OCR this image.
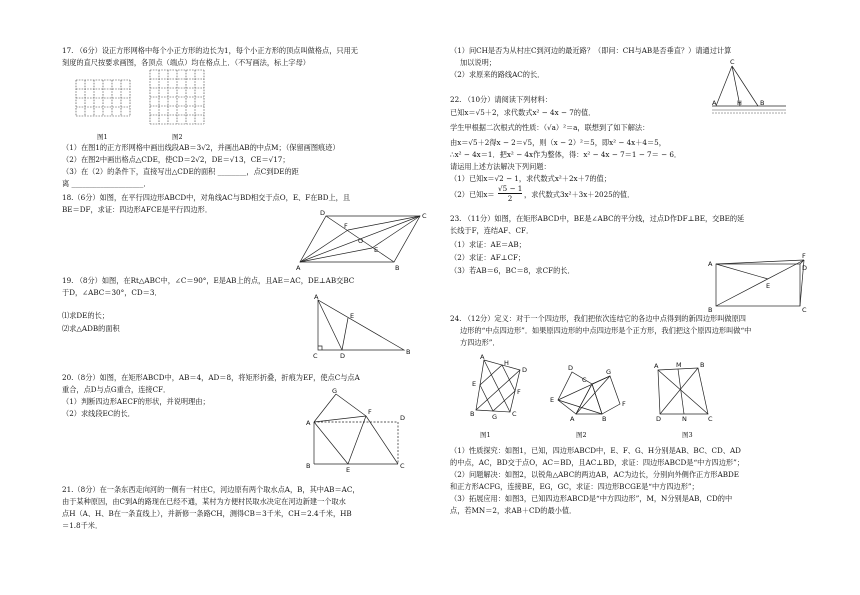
17. （6分）设正方形网格中每个小正方形的边长为1，每个小正方形的顶点叫做格点，只用无
刻度的直尺按要求画图，各顶点（端点）均在格点上．（不写画法，标上字母）
图1	图2
（1）在图1的正方形网格中画出线段AB＝3√2，并画出AB的中点M；（保留画图痕迹）
（2）在图2中画出格点△CDE，使CD＝2√2，DE＝√13，CE＝√17；
（3）在（2）的条件下，直接写出△CDE的面积 ________，点C到DE的距
离 ____________________．
18.（6分）如图，在平行四边形ABCD中，对角线AC与BD相交于点O，E、F在BD上，且
BE＝DF，求证：四边形AFCE是平行四边形．	D
F
O
C
E
A	B
19. （8分）如图，在Rt△ABC中，∠C＝90°，E是AB上的点，且AE＝AC，DE⊥AB交BC
于D，∠ABC＝30°，CD＝3．
⑴求DE的长；
⑵求△ADB的面积
A
E
C	D	B
20.（8分）如图，在矩形ABCD中，AB＝4，AD＝8，将矩形折叠，折痕为EF，使点C与点A
重合，点D与点G重合，连接CF．
（1）判断四边形AECF的形状，并说明理由；
（2）求线段EC的长．
G
F
D
A
B	E	C
21.（8分）在一条东西走向河的一侧有一村庄C，河边原有两个取水点A，B，其中AB＝AC，
由于某种原因，由C到A的路现在已经不通，某村为方便村民取水决定在河边新建一个取水
点H（A、H、B在一条直线上），并新修一条路CH，测得CB＝3千米，CH＝2.4千米，HB
＝1.8千米．
（1）问CH是否为从村庄C到河边的最近路？（即问：CH与AB是否垂直？）请通过计算
加以说明；
（2）求原来的路线AC的长．
C
A	H	B
22. （10分）请阅读下列材料：
已知x＝√5＋2，求代数式x² − 4x − 7的值．
学生甲根据二次根式的性质：（√a）²＝a，联想到了如下解法：
由x＝√5＋2得x − 2＝√5，则（x − 2）²＝5，即x² − 4x＋4＝5，
∴x² − 4x＝1．把x² − 4x作为整体，得：x² − 4x − 7＝1 − 7＝ − 6．
请运用上述方法解决下列问题：
（1）已知x＝√2 − 1，求代数式x²＋2x＋7的值；
（2）已知x＝
√5 − 1
2	，求代数式3x²＋3x＋2025的值．
23. （11分）如图，在矩形ABCD中，BE是∠ABC的平分线，过点D作DF⊥BE，交BE的延
长线于F，连结AF、CF．
（1）求证：AE＝AB；
（2）求证：AF⊥CF；
（3）若AB＝6，BC＝8，求CF的长．
F
A	D
E
B	C
24. （12分）定义：对于一个四边形，我们把依次连结它的各边中点得到的新四边形叫做原四
边形的“中点四边形”．如果原四边形的中点四边形是个正方形，我们把这个原四边形叫做“中
方四边形”．
A
H
D
E
F
B	G C
图1
G
C
F
D
E
A	B
图2
A	M	B
D	N	C
图3
（1）性质探究：如图1，已知，四边形ABCD中，E、F、G、H分别是AB、BC、CD、AD
的中点，AC，BD交于点O，AC＝BD，且AC⊥BD，求证：四边形ABCD是“中方四边形”；
（2）问题解决：如图2，以锐角△ABC的两边AB，AC为边长，分别向外侧作正方形ABDE
和正方形ACFG，连接BE，EG，GC，求证：四边形BCGE是“中方四边形”；
（3）拓展应用：如图3，已知四边形ABCD是“中方四边形”，M，N分别是AB，CD的中
点，若MN＝2，求AB＋CD的最小值．
